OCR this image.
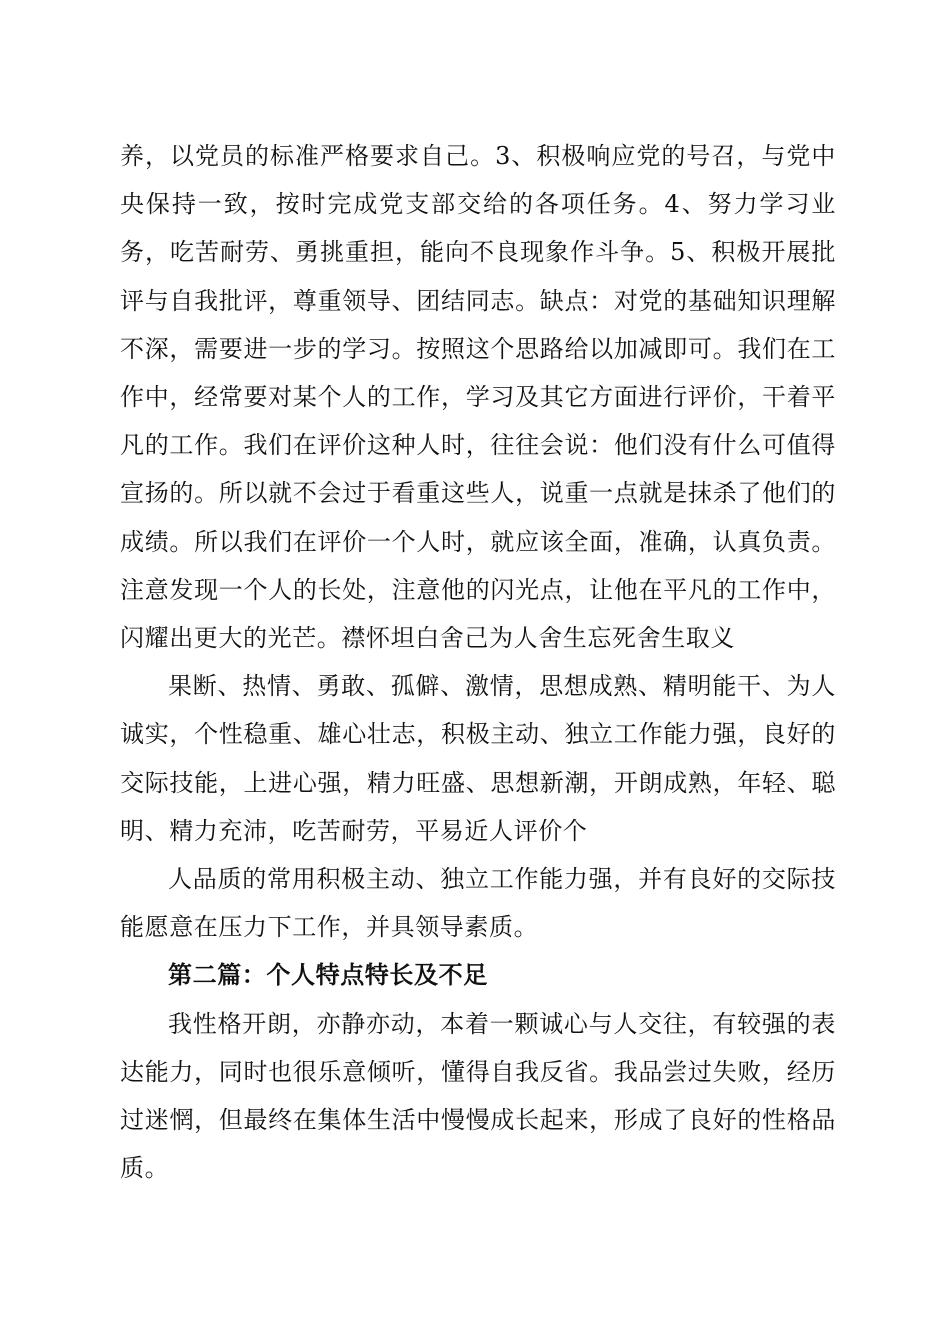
养，以党员的标准严格要求自己。3、积极响应党的号召，与党中央保持一致，按时完成党支部交给的各项任务。4、努力学习业务，吃苦耐劳、勇挑重担，能向不良现象作斗争。5、积极开展批评与自我批评，尊重领导、团结同志。缺点：对党的基础知识理解不深，需要进一步的学习。按照这个思路给以加减即可。我们在工作中，经常要对某个人的工作，学习及其它方面进行评价，干着平凡的工作。我们在评价这种人时，往往会说：他们没有什么可值得宣扬的。所以就不会过于看重这些人，说重一点就是抹杀了他们的成绩。所以我们在评价一个人时，就应该全面，准确，认真负责。注意发现一个人的长处，注意他的闪光点，让他在平凡的工作中，闪耀出更大的光芒。襟怀坦白舍己为人舍生忘死舍生取义

果断、热情、勇敢、孤僻、激情，思想成熟、精明能干、为人诚实，个性稳重、雄心壮志，积极主动、独立工作能力强，良好的交际技能，上进心强，精力旺盛、思想新潮，开朗成熟，年轻、聪明、精力充沛，吃苦耐劳，平易近人评价个

人品质的常用积极主动、独立工作能力强，并有良好的交际技能愿意在压力下工作，并具领导素质。

第二篇：个人特点特长及不足

我性格开朗，亦静亦动，本着一颗诚心与人交往，有较强的表达能力，同时也很乐意倾听，懂得自我反省。我品尝过失败，经历过迷惘，但最终在集体生活中慢慢成长起来，形成了良好的性格品质。
